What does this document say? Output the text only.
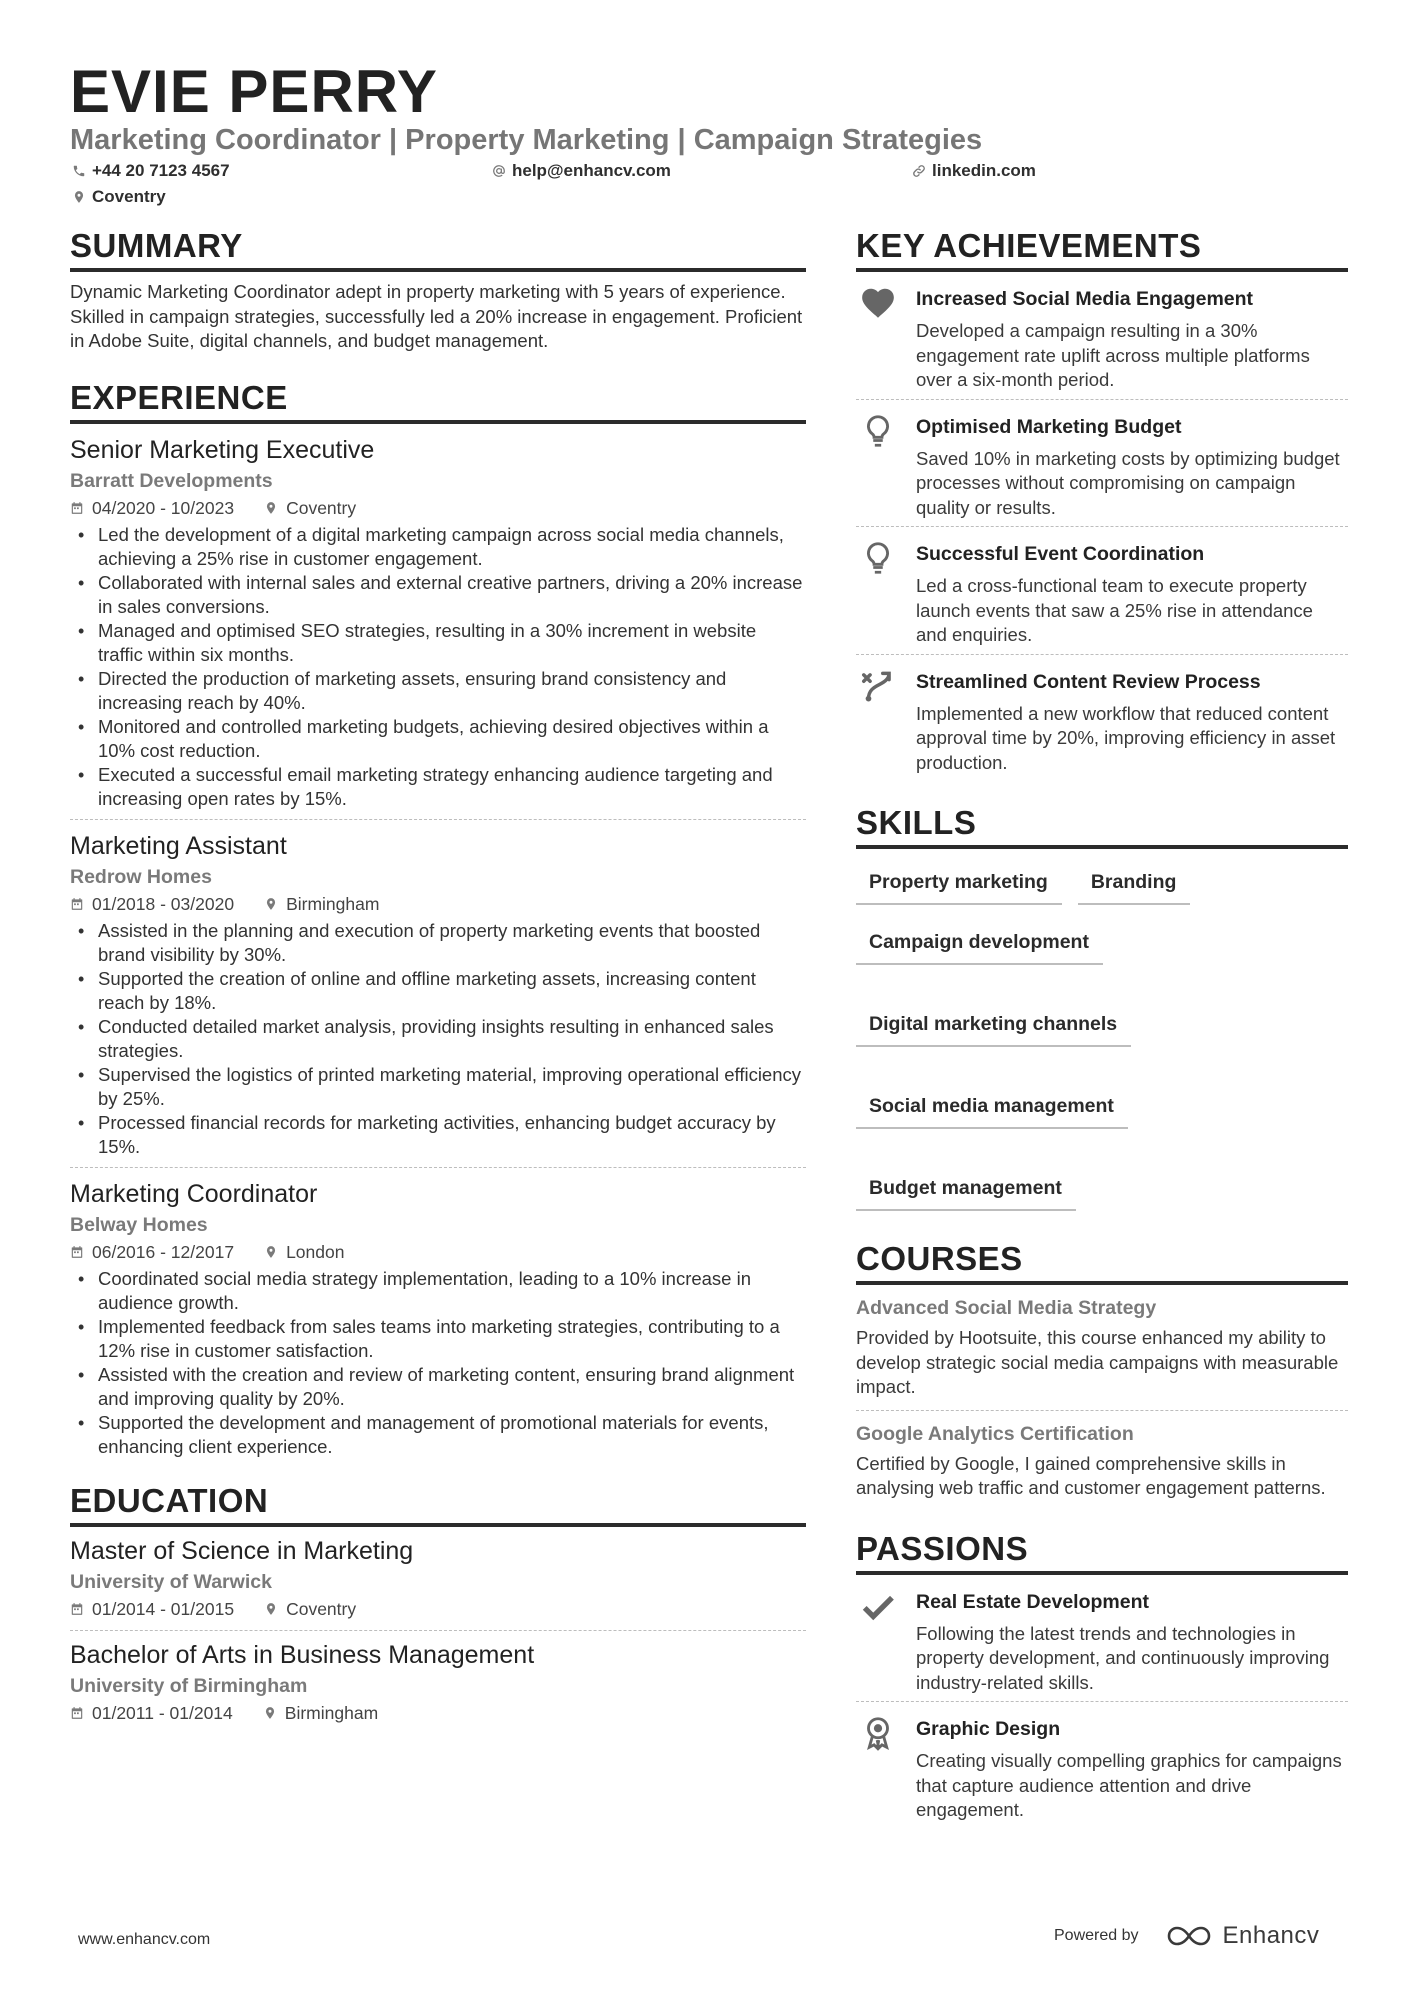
EVIE PERRY
Marketing Coordinator | Property Marketing | Campaign Strategies
+44 20 7123 4567	help@enhancv.com	linkedin.com
Coventry
SUMMARY
Dynamic Marketing Coordinator adept in property marketing with 5 years of experience. Skilled in campaign strategies, successfully led a 20% increase in engagement. Proficient in Adobe Suite, digital channels, and budget management.
EXPERIENCE
Senior Marketing Executive
Barratt Developments
04/2020 - 10/2023	Coventry
• Led the development of a digital marketing campaign across social media channels, achieving a 25% rise in customer engagement.
• Collaborated with internal sales and external creative partners, driving a 20% increase in sales conversions.
• Managed and optimised SEO strategies, resulting in a 30% increment in website traffic within six months.
• Directed the production of marketing assets, ensuring brand consistency and increasing reach by 40%.
• Monitored and controlled marketing budgets, achieving desired objectives within a 10% cost reduction.
• Executed a successful email marketing strategy enhancing audience targeting and increasing open rates by 15%.
Marketing Assistant
Redrow Homes
01/2018 - 03/2020	Birmingham
• Assisted in the planning and execution of property marketing events that boosted brand visibility by 30%.
• Supported the creation of online and offline marketing assets, increasing content reach by 18%.
• Conducted detailed market analysis, providing insights resulting in enhanced sales strategies.
• Supervised the logistics of printed marketing material, improving operational efficiency by 25%.
• Processed financial records for marketing activities, enhancing budget accuracy by 15%.
Marketing Coordinator
Belway Homes
06/2016 - 12/2017	London
• Coordinated social media strategy implementation, leading to a 10% increase in audience growth.
• Implemented feedback from sales teams into marketing strategies, contributing to a 12% rise in customer satisfaction.
• Assisted with the creation and review of marketing content, ensuring brand alignment and improving quality by 20%.
• Supported the development and management of promotional materials for events, enhancing client experience.
EDUCATION
Master of Science in Marketing
University of Warwick
01/2014 - 01/2015	Coventry
Bachelor of Arts in Business Management
University of Birmingham
01/2011 - 01/2014	Birmingham
KEY ACHIEVEMENTS
Increased Social Media Engagement
Developed a campaign resulting in a 30% engagement rate uplift across multiple platforms over a six-month period.
Optimised Marketing Budget
Saved 10% in marketing costs by optimizing budget processes without compromising on campaign quality or results.
Successful Event Coordination
Led a cross-functional team to execute property launch events that saw a 25% rise in attendance and enquiries.
Streamlined Content Review Process
Implemented a new workflow that reduced content approval time by 20%, improving efficiency in asset production.
SKILLS
Property marketing	Branding
Campaign development
Digital marketing channels
Social media management
Budget management
COURSES
Advanced Social Media Strategy
Provided by Hootsuite, this course enhanced my ability to develop strategic social media campaigns with measurable impact.
Google Analytics Certification
Certified by Google, I gained comprehensive skills in analysing web traffic and customer engagement patterns.
PASSIONS
Real Estate Development
Following the latest trends and technologies in property development, and continuously improving industry-related skills.
Graphic Design
Creating visually compelling graphics for campaigns that capture audience attention and drive engagement.
www.enhancv.com	Powered by	Enhancv
